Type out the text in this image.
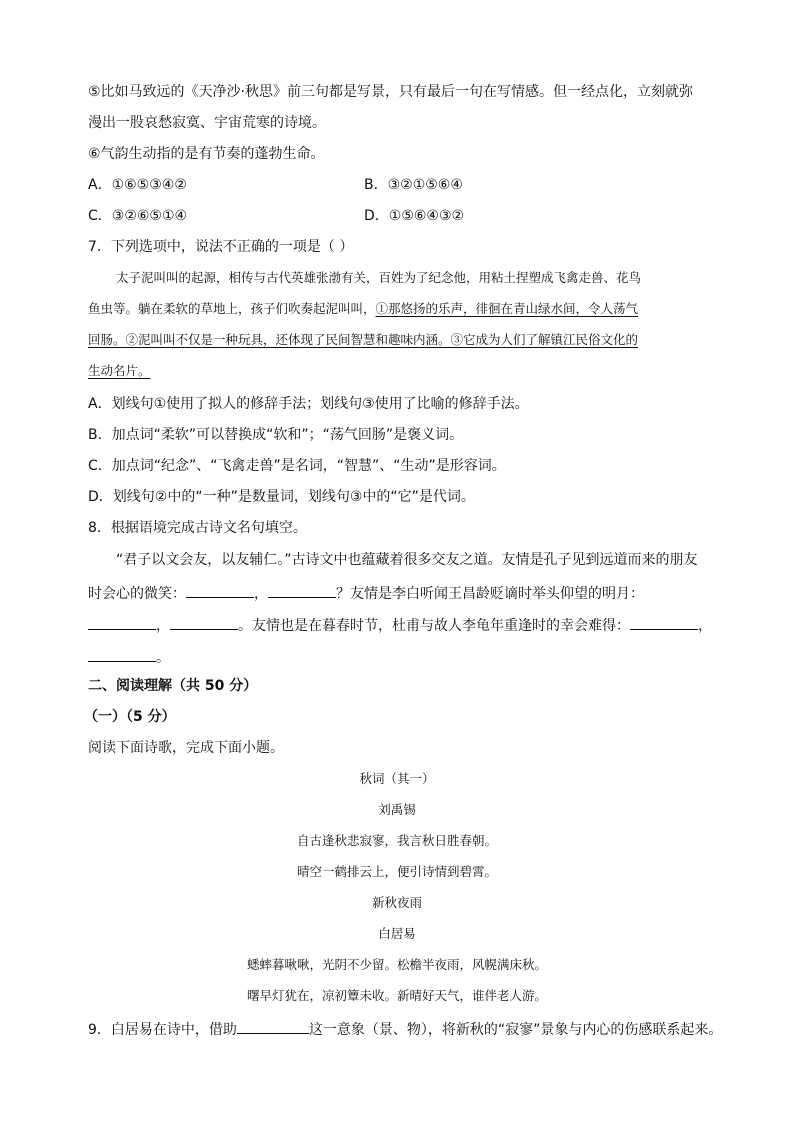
⑤比如马致远的《天净沙·秋思》前三句都是写景，只有最后一句在写情感。但一经点化，立刻就弥
漫出一股哀愁寂寞、宇宙荒寒的诗境。
⑥气韵生动指的是有节奏的蓬勃生命。
A．①⑥⑤③④②	B．③②①⑤⑥④
C．③②⑥⑤①④	D．①⑤⑥④③②
7．下列选项中，说法不正确的一项是（ ）
太子泥叫叫的起源，相传与古代英雄张渤有关，百姓为了纪念他，用粘土捏塑成飞禽走兽、花鸟
鱼虫等。躺在柔软的草地上，孩子们吹奏起泥叫叫，①那悠扬的乐声，徘徊在青山绿水间，令人荡气
回肠。②泥叫叫不仅是一种玩具，还体现了民间智慧和趣味内涵。③它成为人们了解镇江民俗文化的
生动名片。
A．划线句①使用了拟人的修辞手法；划线句③使用了比喻的修辞手法。
B．加点词“柔软”可以替换成“软和”；“荡气回肠”是褒义词。
C．加点词“纪念”、“飞禽走兽”是名词，“智慧”、“生动”是形容词。
D．划线句②中的“一种”是数量词，划线句③中的“它”是代词。
8．根据语境完成古诗文名句填空。
“君子以文会友，以友辅仁。”古诗文中也蕴藏着很多交友之道。友情是孔子见到远道而来的朋友
时会心的微笑：	，	？友情是李白听闻王昌龄贬谪时举头仰望的明月：
，	。友情也是在暮春时节，杜甫与故人李龟年重逢时的幸会难得：	，
。
二、阅读理解（共 50 分）
（一）（5 分）
阅读下面诗歌，完成下面小题。
秋词（其一）
刘禹锡
自古逢秋悲寂寥，我言秋日胜春朝。
晴空一鹤排云上，便引诗情到碧霄。
新秋夜雨
白居易
蟋蟀暮啾啾，光阴不少留。松檐半夜雨，风幌满床秋。
曙早灯犹在，凉初簟未收。新晴好天气，谁伴老人游。
9．白居易在诗中，借助	这一意象（景、物），将新秋的“寂寥”景象与内心的伤感联系起来。
